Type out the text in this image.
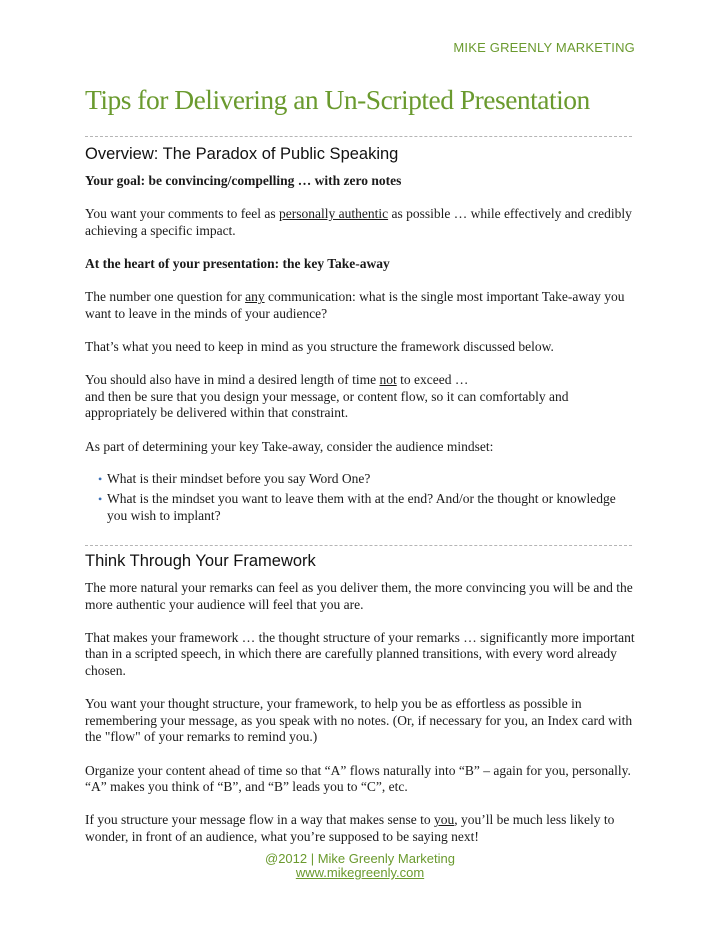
MIKE GREENLY MARKETING
Tips for Delivering an Un-Scripted Presentation
Overview: The Paradox of Public Speaking

Your goal: be convincing/compelling … with zero notes

You want your comments to feel as personally authentic as possible … while effectively and credibly achieving a specific impact.

At the heart of your presentation: the key Take-away

The number one question for any communication: what is the single most important Take-away you want to leave in the minds of your audience?

That’s what you need to keep in mind as you structure the framework discussed below.

You should also have in mind a desired length of time not to exceed …
and then be sure that you design your message, or content flow, so it can comfortably and appropriately be delivered within that constraint.

As part of determining your key Take-away, consider the audience mindset:

• What is their mindset before you say Word One?
• What is the mindset you want to leave them with at the end? And/or the thought or knowledge you wish to implant?
Think Through Your Framework

The more natural your remarks can feel as you deliver them, the more convincing you will be and the more authentic your audience will feel that you are.

That makes your framework … the thought structure of your remarks … significantly more important than in a scripted speech, in which there are carefully planned transitions, with every word already chosen.

You want your thought structure, your framework, to help you be as effortless as possible in remembering your message, as you speak with no notes. (Or, if necessary for you, an Index card with the "flow" of your remarks to remind you.)

Organize your content ahead of time so that “A” flows naturally into “B” – again for you, personally. “A” makes you think of “B”, and “B” leads you to “C”, etc.

If you structure your message flow in a way that makes sense to you, you’ll be much less likely to wonder, in front of an audience, what you’re supposed to be saying next!

@2012 | Mike Greenly Marketing
www.mikegreenly.com
